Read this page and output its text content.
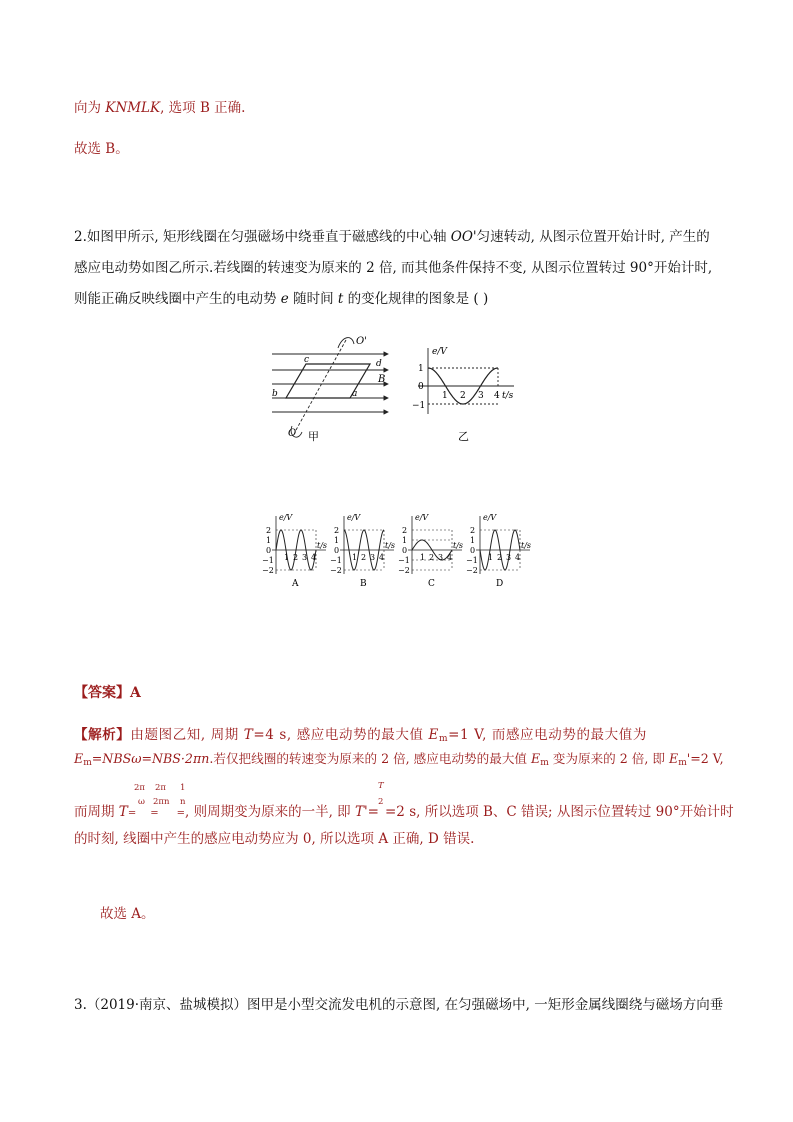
向为 KNMLK, 选项 B 正确.
故选 B。
2.如图甲所示, 矩形线圈在匀强磁场中绕垂直于磁感线的中心轴 OO'匀速转动, 从图示位置开始计时, 产生的
感应电动势如图乙所示.若线圈的转速变为原来的 2 倍, 而其他条件保持不变, 从图示位置转过 90°开始计时,
则能正确反映线圈中产生的电动势 e 随时间 t 的变化规律的图象是 ( )
O'
O
c	d
B
b	a
甲
e/V
t/s
1
0
−1
1 2 3 4
乙
2
1
0
−1
−2
1 2 3 4
e/V
t/s
A
2
1
0
−1
−2
1 2 3 4
e/V
t/s
B
2
1
0
−1
−2
1 2 3 4
e/V
t/s
C
2
1
0
−1
−2
1 2 3 4
e/V
t/s
D
【答案】A
【解析】由题图乙知, 周期 T=4 s, 感应电动势的最大值 $E_m=1$ V, 而感应电动势的最大值为
$E_m=NBS\omega=NBS\cdot 2\pi n$.若仅把线圈的转速变为原来的 2 倍, 感应电动势的最大值 $E_m$ 变为原来的 2 倍, 即 $E_m'=2$ V,
2π
ω
2π
2πn
1
n
T
2
而周期 T= = =, 则周期变为原来的一半, 即 T'= =2 s, 所以选项 B、C 错误; 从图示位置转过 90°开始计时
的时刻, 线圈中产生的感应电动势应为 0, 所以选项 A 正确, D 错误.
故选 A。
3.（2019·南京、盐城模拟）图甲是小型交流发电机的示意图, 在匀强磁场中, 一矩形金属线圈绕与磁场方向垂
